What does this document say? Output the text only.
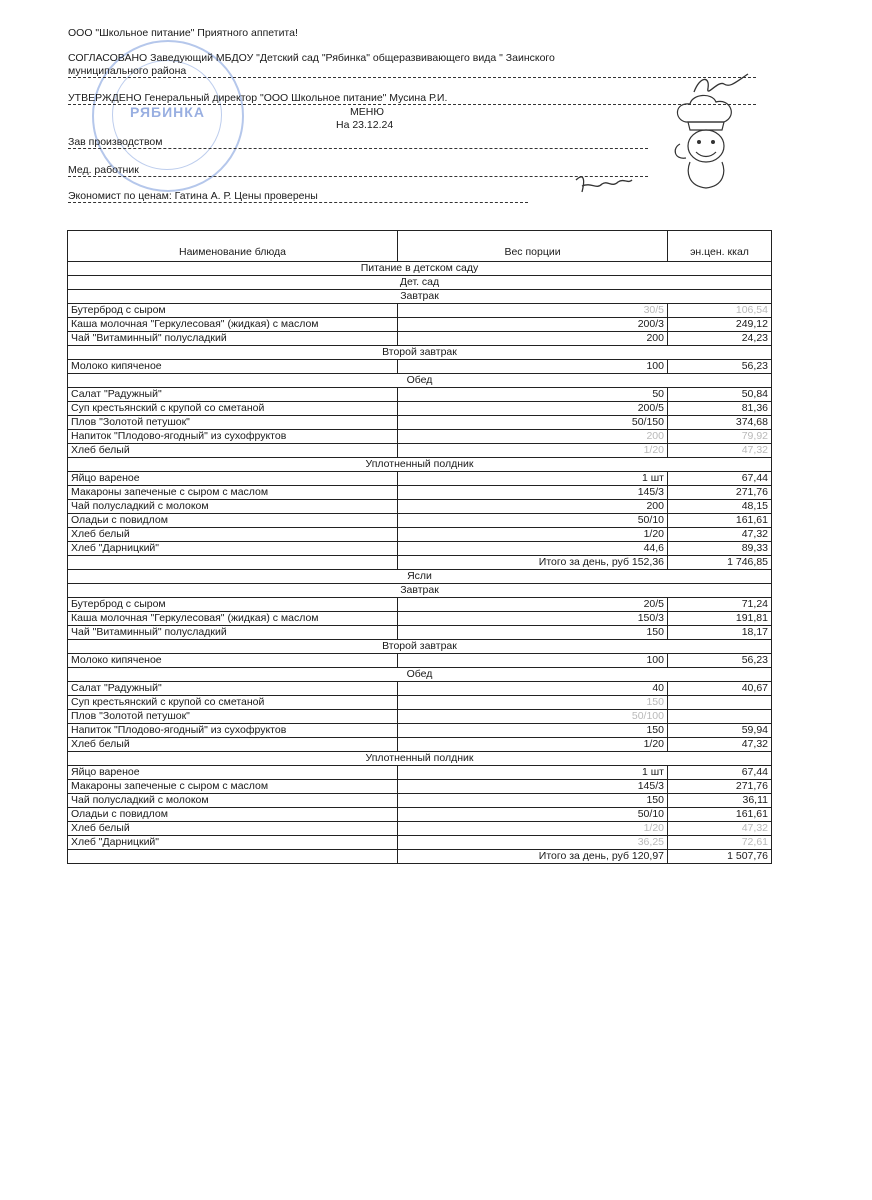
РЯБИНКА
ООО "Школьное питание" Приятного аппетита!
СОГЛАСОВАНО Заведующий МБДОУ "Детский сад "Рябинка" общеразвивающего вида " Заинского
муниципального района
УТВЕРЖДЕНО Генеральный директор "ООО Школьное питание" Мусина Р.И.
МЕНЮ
На 23.12.24
Зав производством
Мед. работник
Экономист по ценам: Гатина А. Р. Цены проверены
Наименование блюда	Вес порции	эн.цен. ккал
Питание в детском саду		
Дет. сад		
Завтрак		
Бутерброд с сыром	30/5	106,54
Каша молочная "Геркулесовая" (жидкая) с маслом	200/3	249,12
Чай "Витаминный" полусладкий	200	24,23
Второй завтрак		
Молоко кипяченое	100	56,23
Обед		
Салат "Радужный"	50	50,84
Суп крестьянский с крупой со сметаной	200/5	81,36
Плов "Золотой петушок"	50/150	374,68
Напиток "Плодово-ягодный" из сухофруктов	200	79,92
Хлеб белый	1/20	47,32
Уплотненный полдник		
Яйцо вареное	1 шт	67,44
Макароны запеченые с сыром с маслом	145/3	271,76
Чай полусладкий с молоком	200	48,15
Оладьи с повидлом	50/10	161,61
Хлеб белый	1/20	47,32
Хлеб "Дарницкий"	44,6	89,33
	Итого за день, руб 152,36	1 746,85
Ясли		
Завтрак		
Бутерброд с сыром	20/5	71,24
Каша молочная "Геркулесовая" (жидкая) с маслом	150/3	191,81
Чай "Витаминный" полусладкий	150	18,17
Второй завтрак		
Молоко кипяченое	100	56,23
Обед		
Салат "Радужный"	40	40,67
Суп крестьянский с крупой со сметаной	150	
Плов "Золотой петушок"	50/100	
Напиток "Плодово-ягодный" из сухофруктов	150	59,94
Хлеб белый	1/20	47,32
Уплотненный полдник		
Яйцо вареное	1 шт	67,44
Макароны запеченые с сыром с маслом	145/3	271,76
Чай полусладкий с молоком	150	36,11
Оладьи с повидлом	50/10	161,61
Хлеб белый	1/20	47,32
Хлеб "Дарницкий"	36,25	72,61
	Итого за день, руб 120,97	1 507,76
